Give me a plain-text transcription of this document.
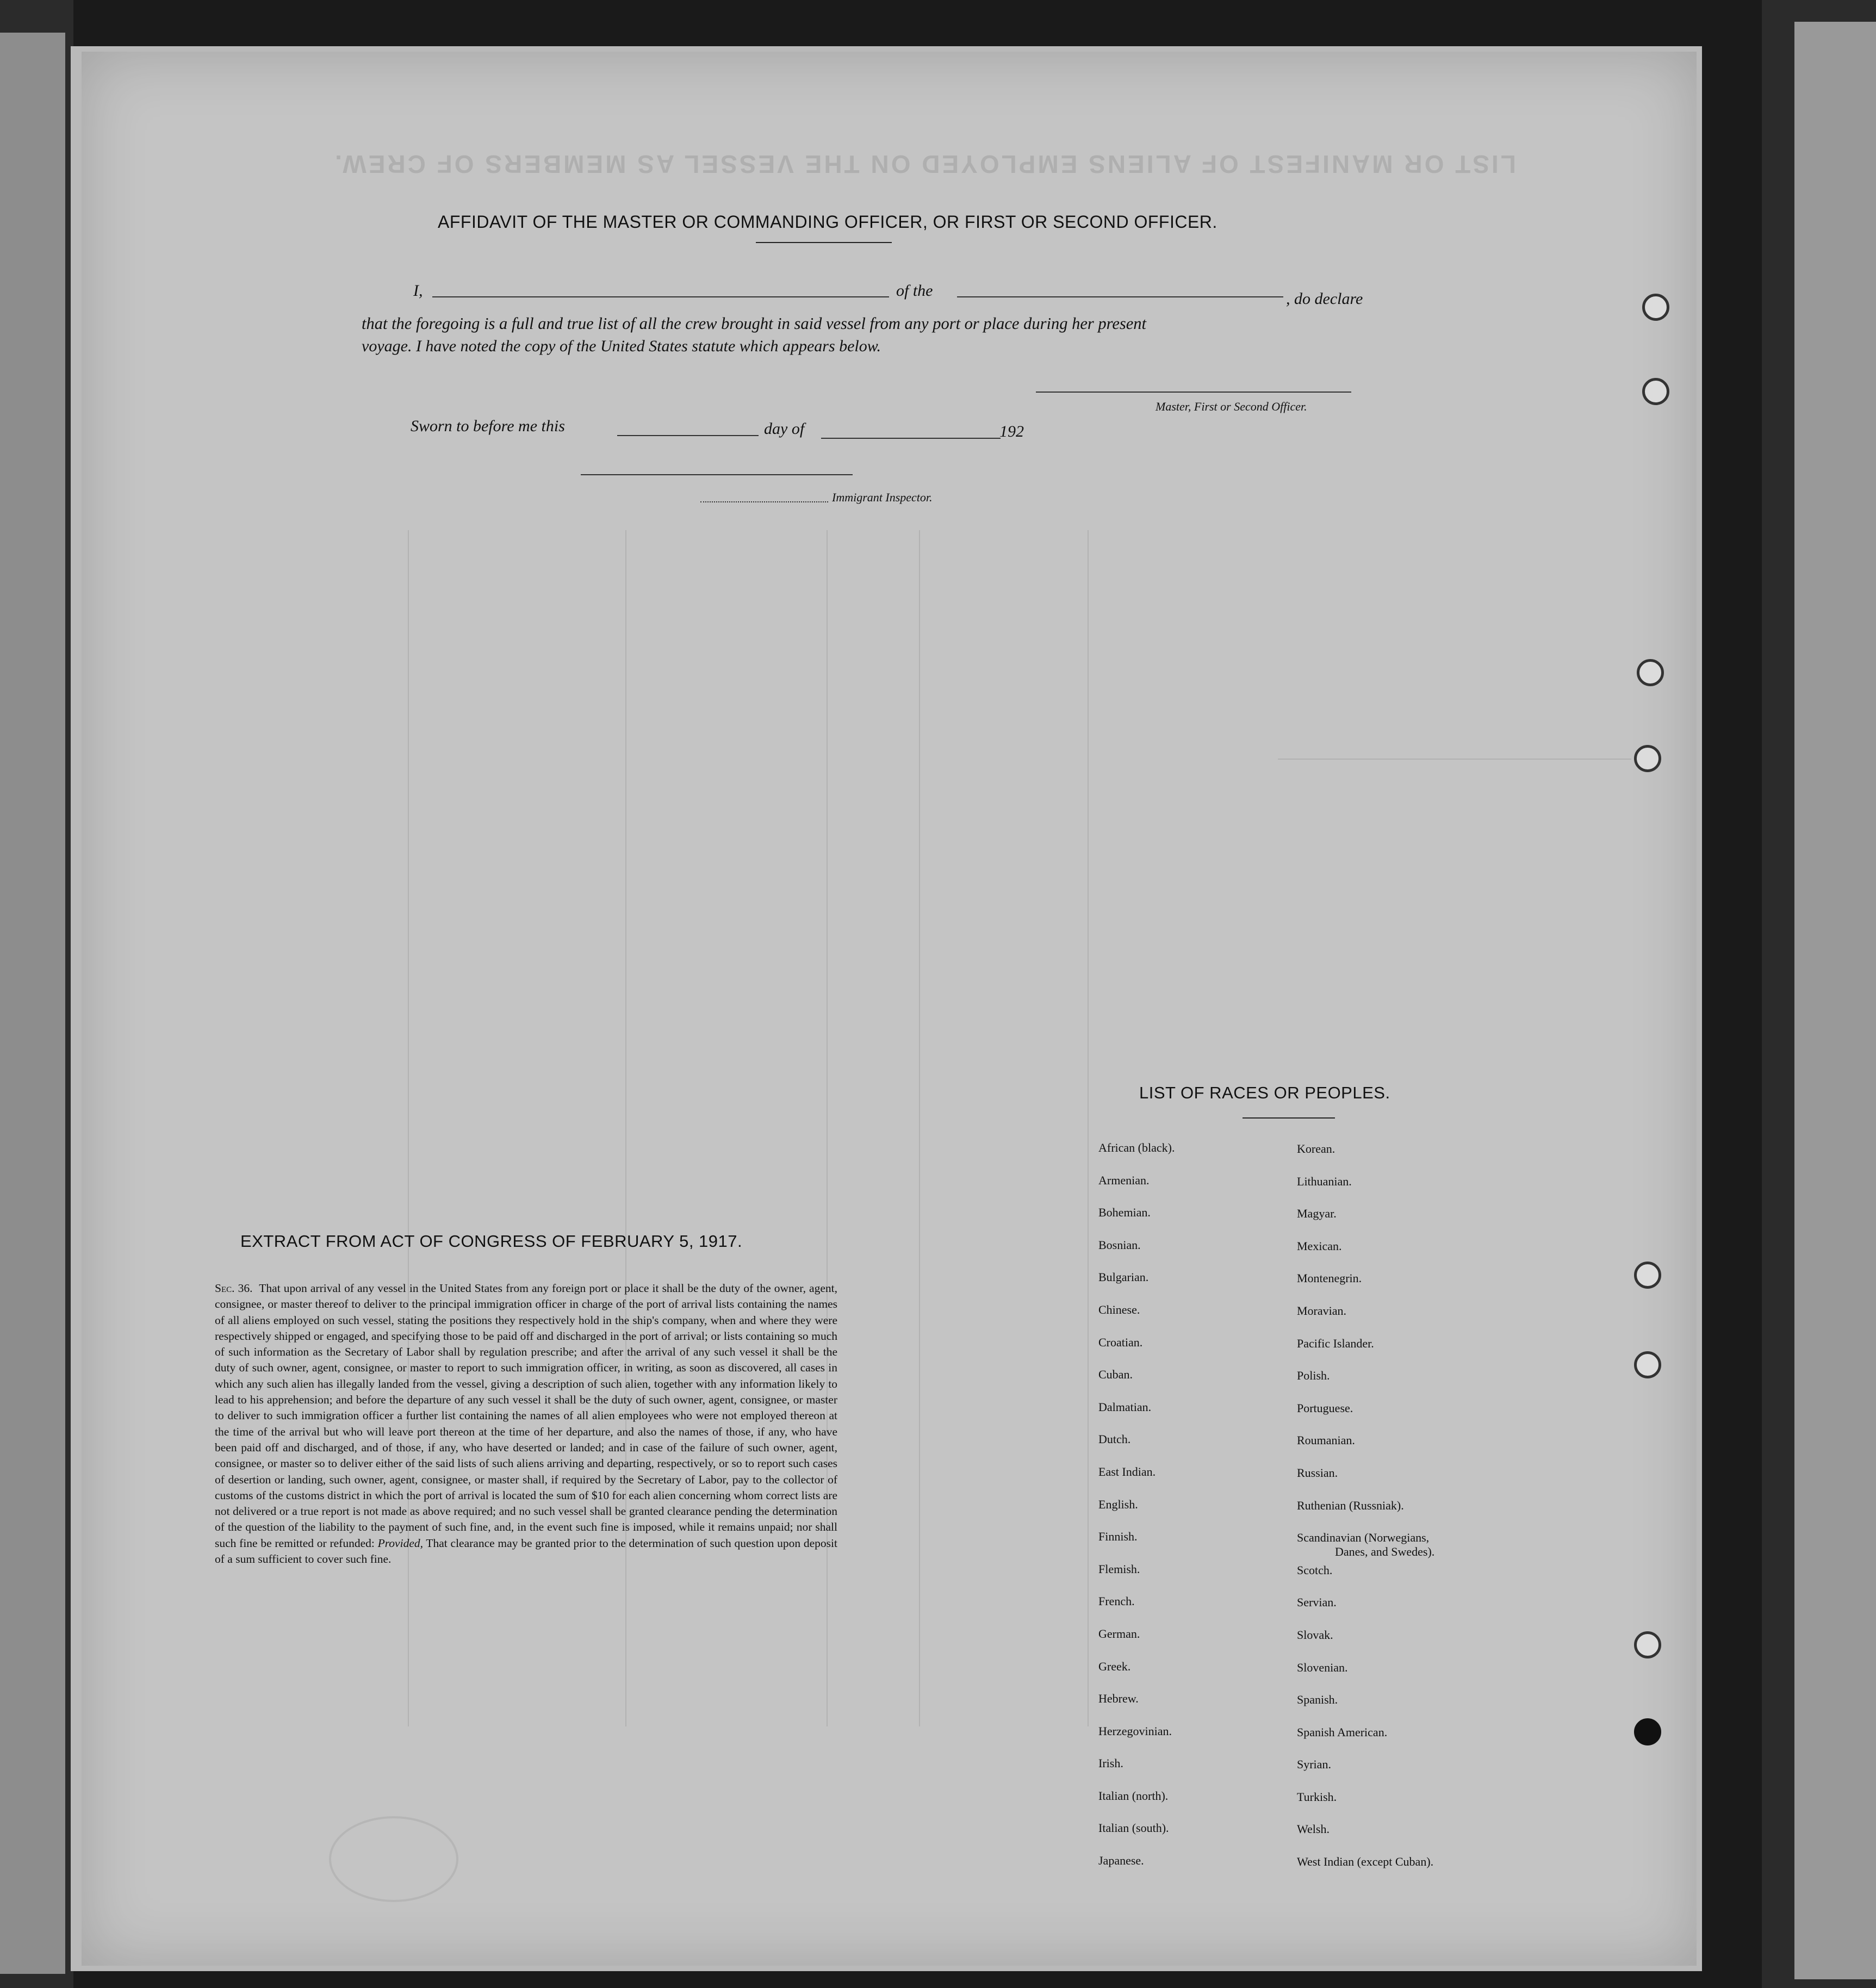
LIST OR MANIFEST OF ALIENS EMPLOYED ON THE VESSEL AS MEMBERS OF CREW.
AFFIDAVIT OF THE MASTER OR COMMANDING OFFICER, OR FIRST OR SECOND OFFICER.
I,	of the	, do declare
that the foregoing is a full and true list of all the crew brought in said vessel from any port or place during her present
voyage. I have noted the copy of the United States statute which appears below.
Master, First or Second Officer.
Sworn to before me this	day of	192
Immigrant Inspector.
EXTRACT FROM ACT OF CONGRESS OF FEBRUARY 5, 1917.
Sec. 36. That upon arrival of any vessel in the United States from any foreign port or place it shall be the duty of the owner, agent, consignee, or master thereof to deliver to the principal immigration officer in charge of the port of arrival lists containing the names of all aliens employed on such vessel, stating the positions they respectively hold in the ship's company, when and where they were respectively shipped or engaged, and specifying those to be paid off and discharged in the port of arrival; or lists containing so much of such information as the Secretary of Labor shall by regulation prescribe; and after the arrival of any such vessel it shall be the duty of such owner, agent, consignee, or master to report to such immigration officer, in writing, as soon as discovered, all cases in which any such alien has illegally landed from the vessel, giving a description of such alien, together with any information likely to lead to his apprehension; and before the departure of any such vessel it shall be the duty of such owner, agent, consignee, or master to deliver to such immigration officer a further list containing the names of all alien employees who were not employed thereon at the time of the arrival but who will leave port thereon at the time of her departure, and also the names of those, if any, who have been paid off and discharged, and of those, if any, who have deserted or landed; and in case of the failure of such owner, agent, consignee, or master so to deliver either of the said lists of such aliens arriving and departing, respectively, or so to report such cases of desertion or landing, such owner, agent, consignee, or master shall, if required by the Secretary of Labor, pay to the collector of customs of the customs district in which the port of arrival is located the sum of $10 for each alien concerning whom correct lists are not delivered or a true report is not made as above required; and no such vessel shall be granted clearance pending the determination of the question of the liability to the payment of such fine, and, in the event such fine is imposed, while it remains unpaid; nor shall such fine be remitted or refunded: Provided, That clearance may be granted prior to the determination of such question upon deposit of a sum sufficient to cover such fine.
LIST OF RACES OR PEOPLES.
African (black).
Armenian.
Bohemian.
Bosnian.
Bulgarian.
Chinese.
Croatian.
Cuban.
Dalmatian.
Dutch.
East Indian.
English.
Finnish.
Flemish.
French.
German.
Greek.
Hebrew.
Herzegovinian.
Irish.
Italian (north).
Italian (south).
Japanese.
Korean.
Lithuanian.
Magyar.
Mexican.
Montenegrin.
Moravian.
Pacific Islander.
Polish.
Portuguese.
Roumanian.
Russian.
Ruthenian (Russniak).
Scandinavian (Norwegians,
Danes, and Swedes).
Scotch.
Servian.
Slovak.
Slovenian.
Spanish.
Spanish American.
Syrian.
Turkish.
Welsh.
West Indian (except Cuban).
